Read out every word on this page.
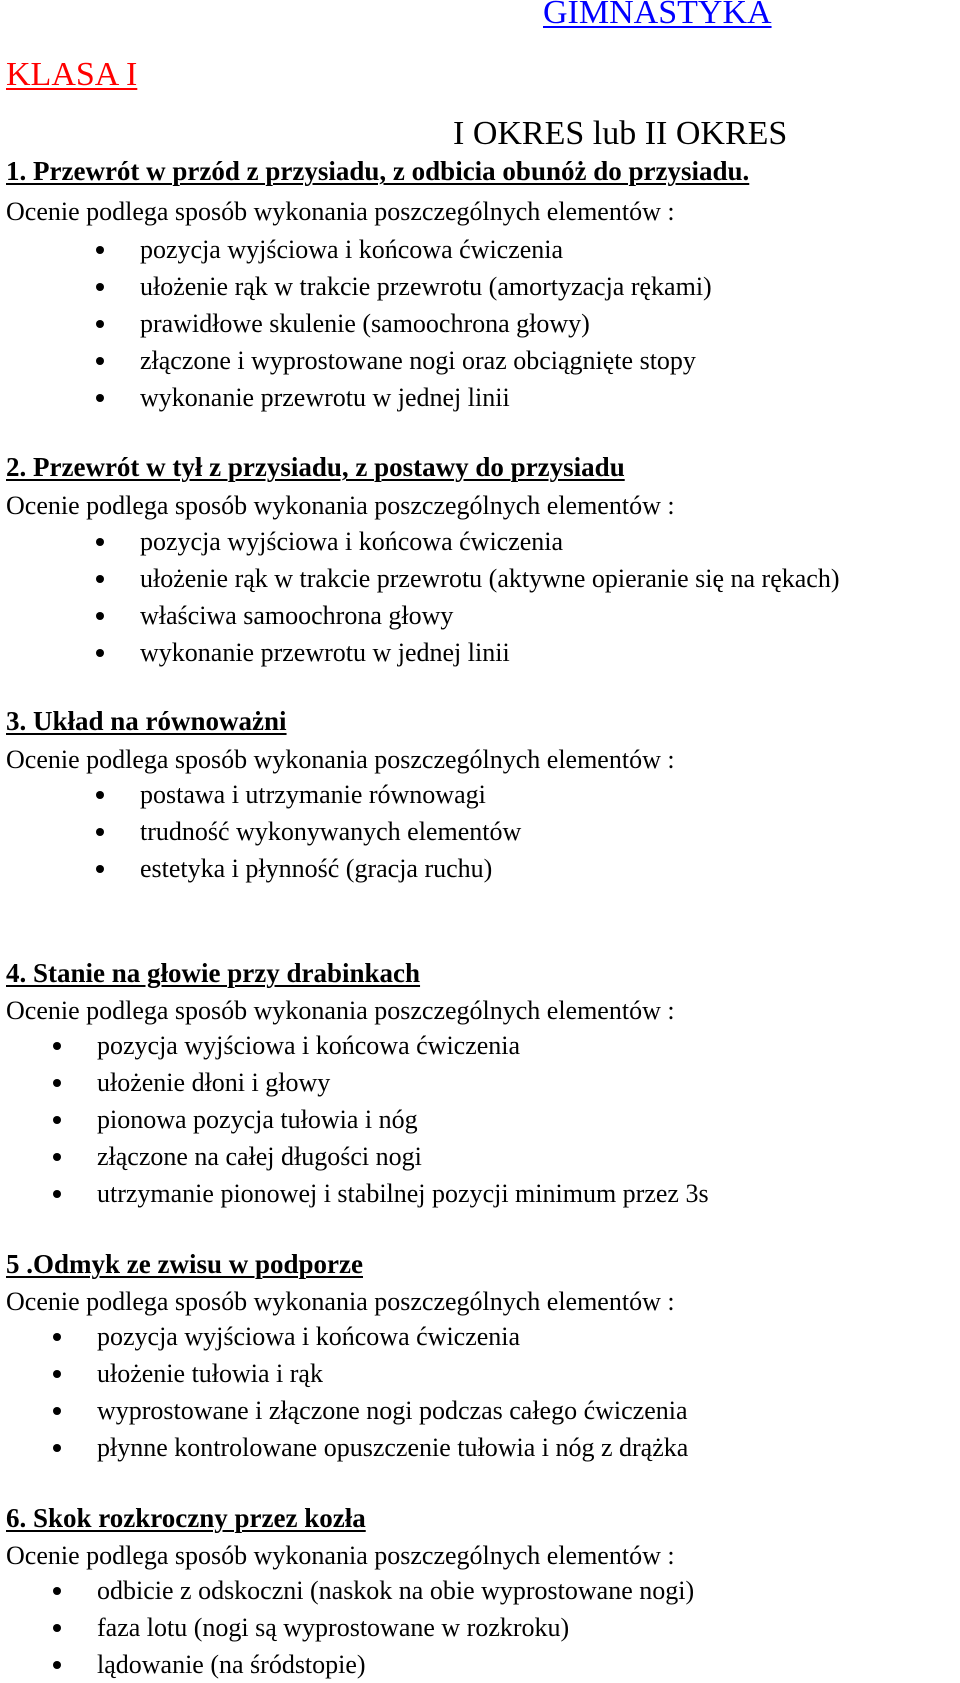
GIMNASTYKA
KLASA I
I OKRES lub II OKRES
1. Przewrót w przód z przysiadu, z odbicia obunóż do przysiadu.

Ocenie podlega sposób wykonania poszczególnych elementów :

pozycja wyjściowa i końcowa ćwiczenia
ułożenie rąk w trakcie przewrotu (amortyzacja rękami)
prawidłowe skulenie (samoochrona głowy)
złączone i wyprostowane nogi oraz obciągnięte stopy
wykonanie przewrotu w jednej linii
2. Przewrót w tył z przysiadu, z postawy do przysiadu

Ocenie podlega sposób wykonania poszczególnych elementów :

pozycja wyjściowa i końcowa ćwiczenia
ułożenie rąk w trakcie przewrotu (aktywne opieranie się na rękach)
właściwa samoochrona głowy
wykonanie przewrotu w jednej linii
3. Układ na równoważni

Ocenie podlega sposób wykonania poszczególnych elementów :

postawa i utrzymanie równowagi
trudność wykonywanych elementów
estetyka i płynność (gracja ruchu)
4. Stanie na głowie przy drabinkach

Ocenie podlega sposób wykonania poszczególnych elementów :

pozycja wyjściowa i końcowa ćwiczenia
ułożenie dłoni i głowy
pionowa pozycja tułowia i nóg
złączone na całej długości nogi
utrzymanie pionowej i stabilnej pozycji minimum przez 3s
5 .Odmyk ze zwisu w podporze

Ocenie podlega sposób wykonania poszczególnych elementów :

pozycja wyjściowa i końcowa ćwiczenia
ułożenie tułowia i rąk
wyprostowane i złączone nogi podczas całego ćwiczenia
płynne kontrolowane opuszczenie tułowia i nóg z drążka
6. Skok rozkroczny przez kozła

Ocenie podlega sposób wykonania poszczególnych elementów :

odbicie z odskoczni (naskok na obie wyprostowane nogi)
faza lotu (nogi są wyprostowane w rozkroku)
lądowanie (na śródstopie)
